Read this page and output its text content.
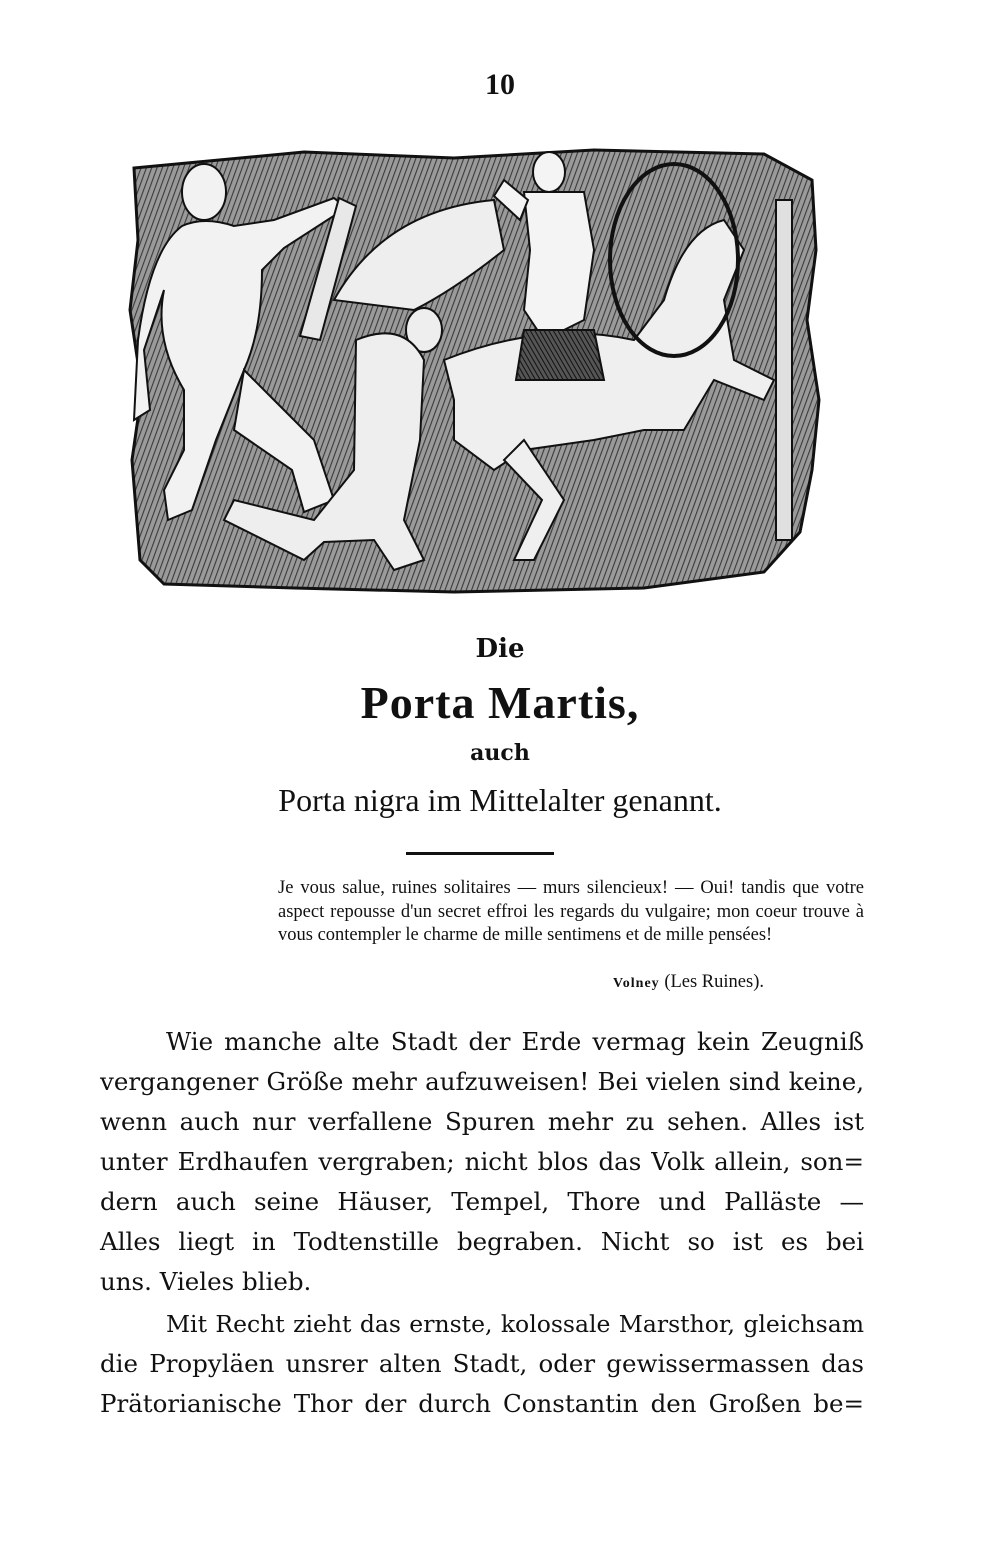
10
Die
Porta Martis,
auch
Porta nigra im Mittelalter genannt.
Je vous salue, ruines solitaires — murs silencieux! — Oui! tandis que votre aspect repousse d'un secret effroi les regards du vulgaire; mon coeur trouve à vous contempler le charme de mille sentimens et de mille pensées!
Volney (Les Ruines).
Wie manche alte Stadt der Erde vermag kein Zeugniß
vergangener Größe mehr aufzuweisen! Bei vielen sind keine,
wenn auch nur verfallene Spuren mehr zu sehen. Alles ist
unter Erdhaufen vergraben; nicht blos das Volk allein, son=
dern auch seine Häuser, Tempel, Thore und Palläste —
Alles liegt in Todtenstille begraben. Nicht so ist es bei
uns. Vieles blieb.
Mit Recht zieht das ernste, kolossale Marsthor, gleichsam
die Propyläen unsrer alten Stadt, oder gewissermassen das
Prätorianische Thor der durch Constantin den Großen be=
